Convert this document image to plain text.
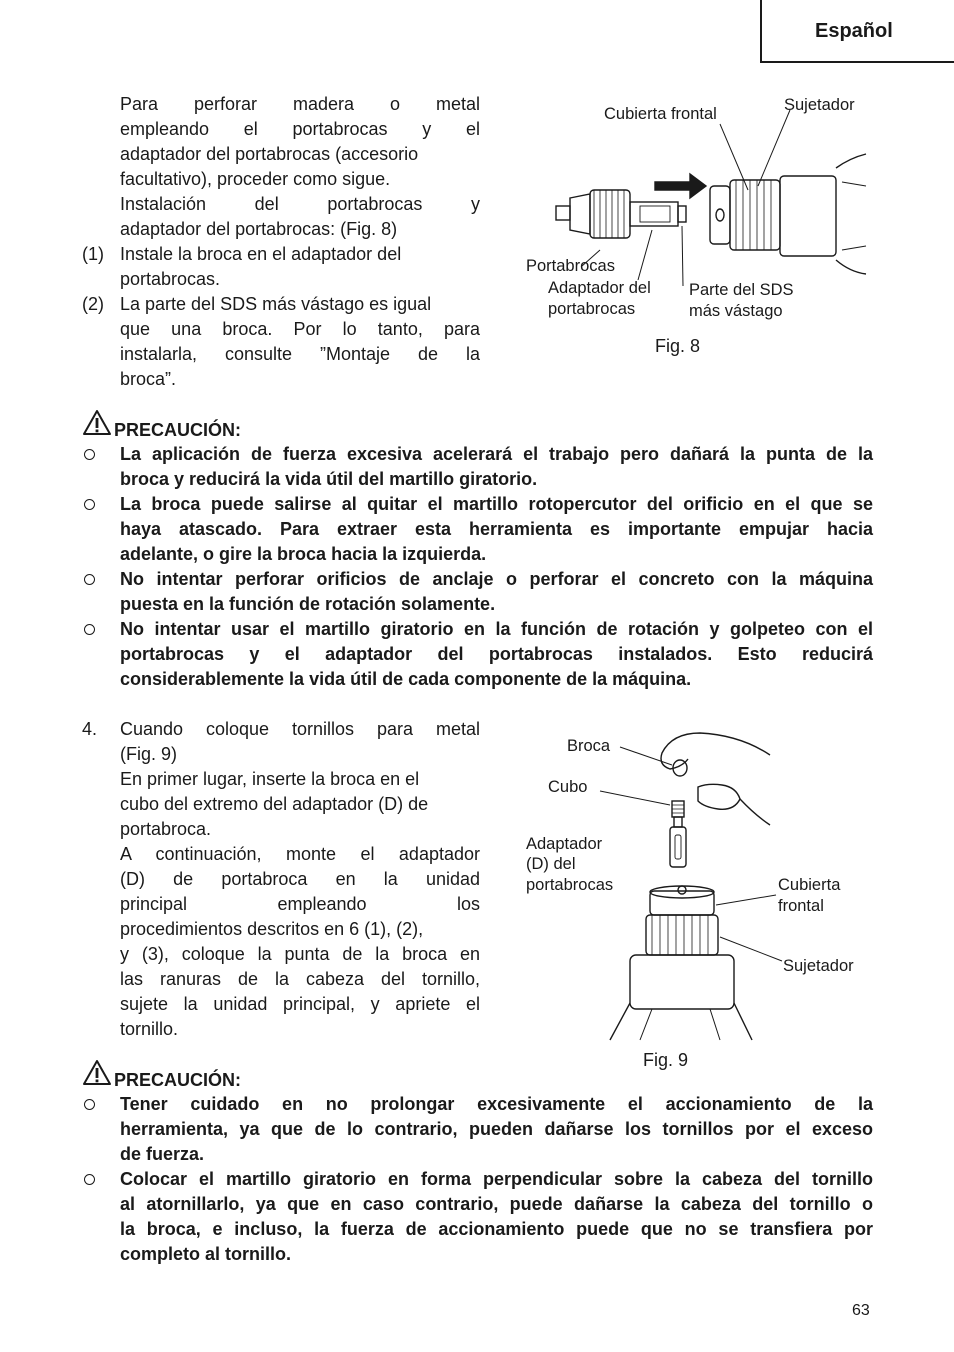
Español
Para perforar madera o metal
empleando el portabrocas y el
adaptador del portabrocas (accesorio
facultativo), proceder como sigue.
Instalación del portabrocas y
adaptador del portabrocas: (Fig. 8)
(1) Instale la broca en el adaptador del
portabrocas.
(2) La parte del SDS más vástago es igual
que una broca. Por lo tanto, para
instalarla, consulte ”Montaje de la
broca”.
Cubierta frontal	Sujetador
Portabrocas
Adaptador del
portabrocas
Parte del SDS
más vástago
Fig. 8
PRECAUCIÓN:
La aplicación de fuerza excesiva acelerará el trabajo pero dañará la punta de la
broca y reducirá la vida útil del martillo giratorio.
La broca puede salirse al quitar el martillo rotopercutor del orificio en el que se
haya atascado. Para extraer esta herramienta es importante empujar hacia
adelante, o gire la broca hacia la izquierda.
No intentar perforar orificios de anclaje o perforar el concreto con la máquina
puesta en la función de rotación solamente.
No intentar usar el martillo giratorio en la función de rotación y golpeteo con el
portabrocas y el adaptador del portabrocas instalados. Esto reducirá
considerablemente la vida útil de cada componente de la máquina.
4. Cuando coloque tornillos para metal
(Fig. 9)
En primer lugar, inserte la broca en el
cubo del extremo del adaptador (D) de
portabroca.
A continuación, monte el adaptador
(D) de portabroca en la unidad
principal empleando los
procedimientos descritos en 6 (1), (2),
y (3), coloque la punta de la broca en
las ranuras de la cabeza del tornillo,
sujete la unidad principal, y apriete el
tornillo.
Broca
Cubo
Adaptador
(D) del
portabrocas	Cubierta
frontal
Sujetador
Fig. 9
PRECAUCIÓN:
Tener cuidado en no prolongar excesivamente el accionamiento de la
herramienta, ya que de lo contrario, pueden dañarse los tornillos por el exceso
de fuerza.
Colocar el martillo giratorio en forma perpendicular sobre la cabeza del tornillo
al atornillarlo, ya que en caso contrario, puede dañarse la cabeza del tornillo o
la broca, e incluso, la fuerza de accionamiento puede que no se transfiera por
completo al tornillo.
63
